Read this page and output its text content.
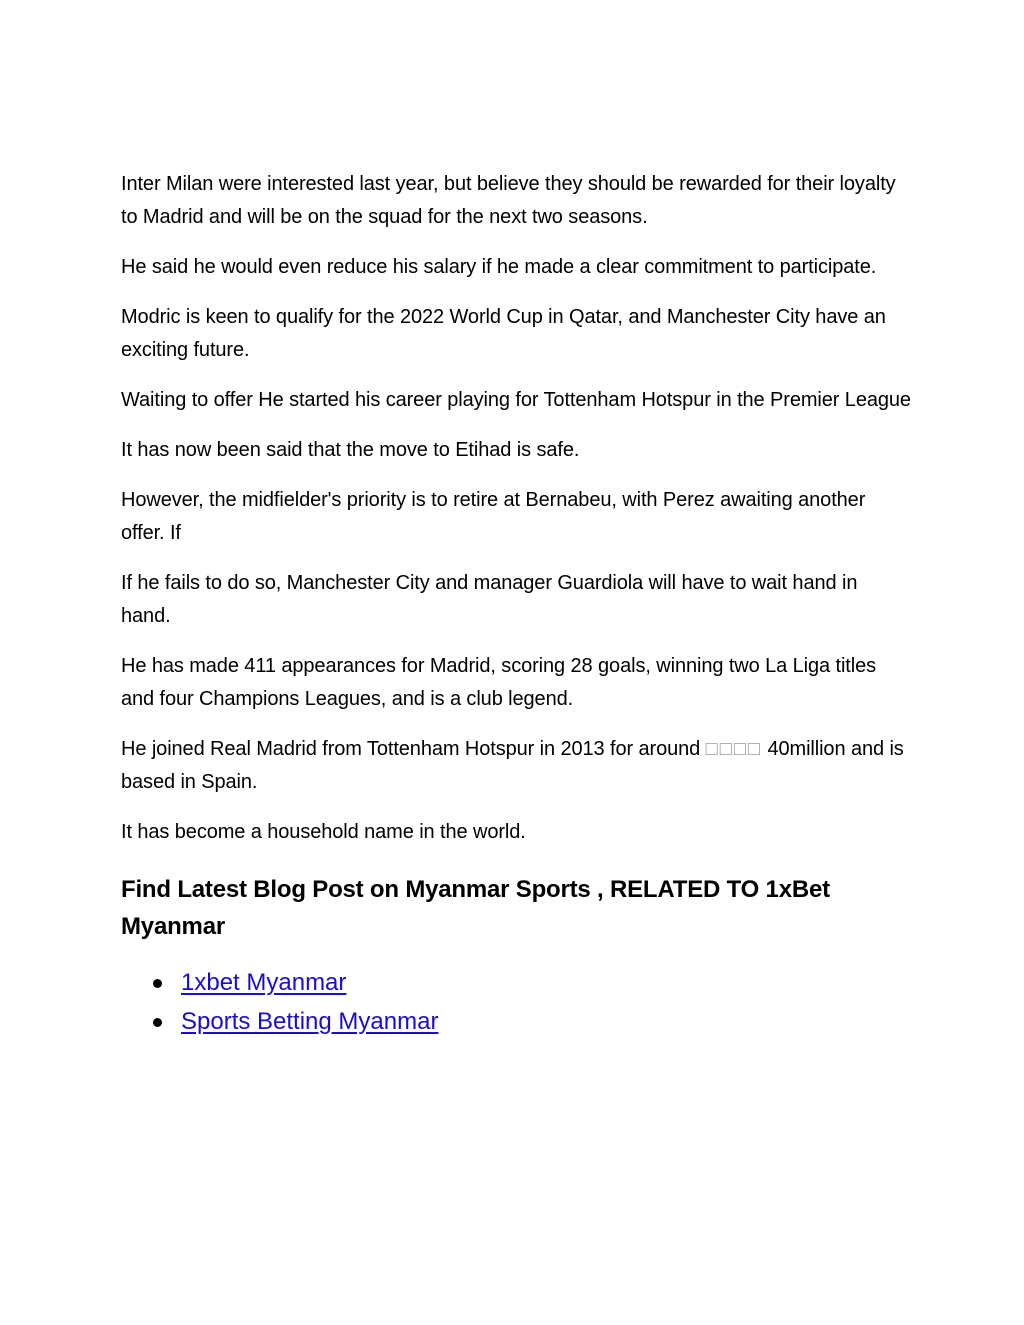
Inter Milan were interested last year, but believe they should be rewarded for their loyalty to Madrid and will be on the squad for the next two seasons.

He said he would even reduce his salary if he made a clear commitment to participate.

Modric is keen to qualify for the 2022 World Cup in Qatar, and Manchester City have an exciting future.

Waiting to offer He started his career playing for Tottenham Hotspur in the Premier League

It has now been said that the move to Etihad is safe.

However, the midfielder's priority is to retire at Bernabeu, with Perez awaiting another offer. If

If he fails to do so, Manchester City and manager Guardiola will have to wait hand in hand.

He has made 411 appearances for Madrid, scoring 28 goals, winning two La Liga titles and four Champions Leagues, and is a club legend.

He joined Real Madrid from Tottenham Hotspur in 2013 for around □□□□ 40million and is based in Spain.

It has become a household name in the world.

Find Latest Blog Post on Myanmar Sports , RELATED TO 1xBet Myanmar
1xbet Myanmar
Sports Betting Myanmar
